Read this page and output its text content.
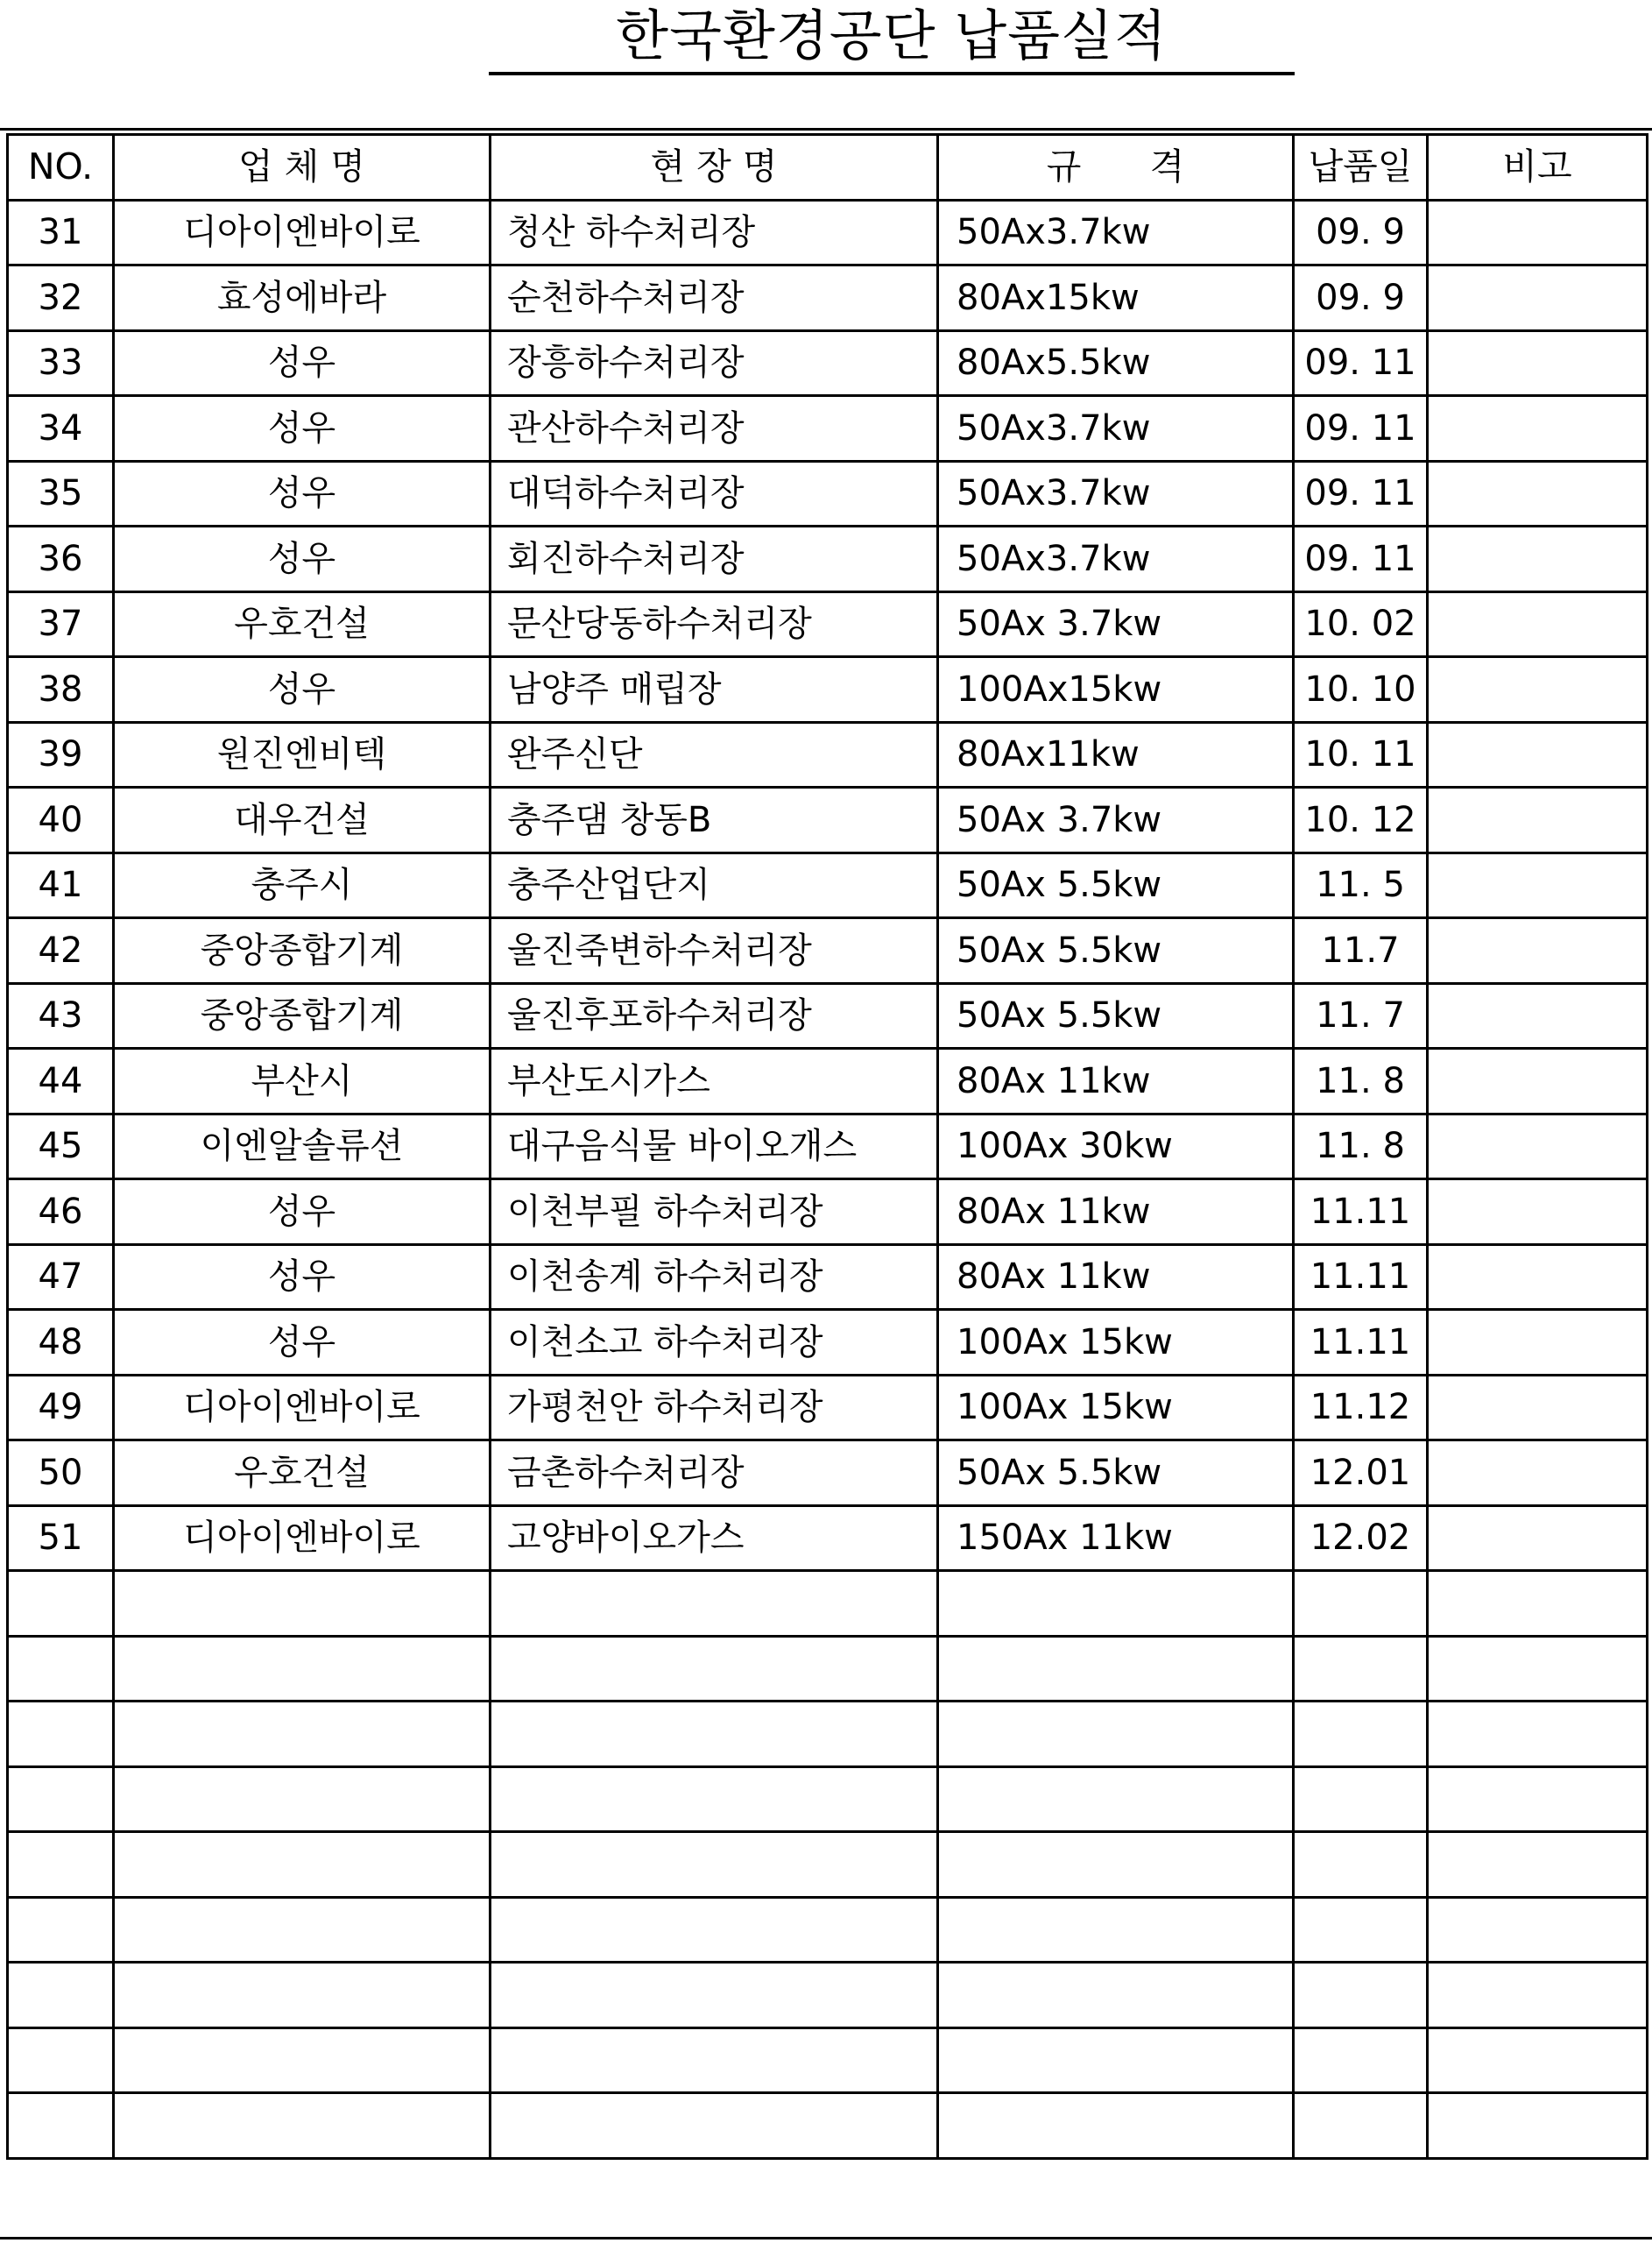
한국환경공단 납품실적
NO.	업 체 명	현 장 명	규      격	납품일	비고
31	디아이엔바이로	청산 하수처리장	50Ax3.7kw	09. 9	
32	효성에바라	순천하수처리장	80Ax15kw	09. 9	
33	성우	장흥하수처리장	80Ax5.5kw	09. 11	
34	성우	관산하수처리장	50Ax3.7kw	09. 11	
35	성우	대덕하수처리장	50Ax3.7kw	09. 11	
36	성우	회진하수처리장	50Ax3.7kw	09. 11	
37	우호건설	문산당동하수처리장	50Ax 3.7kw	10. 02	
38	성우	남양주 매립장	100Ax15kw	10. 10	
39	원진엔비텍	완주신단	80Ax11kw	10. 11	
40	대우건설	충주댐 창동B	50Ax 3.7kw	10. 12	
41	충주시	충주산업단지	50Ax 5.5kw	11. 5	
42	중앙종합기계	울진죽변하수처리장	50Ax 5.5kw	11.7	
43	중앙종합기계	울진후포하수처리장	50Ax 5.5kw	11. 7	
44	부산시	부산도시가스	80Ax 11kw	11. 8	
45	이엔알솔류션	대구음식물 바이오개스	100Ax 30kw	11. 8	
46	성우	이천부필 하수처리장	80Ax 11kw	11.11	
47	성우	이천송계 하수처리장	80Ax 11kw	11.11	
48	성우	이천소고 하수처리장	100Ax 15kw	11.11	
49	디아이엔바이로	가평천안 하수처리장	100Ax 15kw	11.12	
50	우호건설	금촌하수처리장	50Ax 5.5kw	12.01	
51	디아이엔바이로	고양바이오가스	150Ax 11kw	12.02	
